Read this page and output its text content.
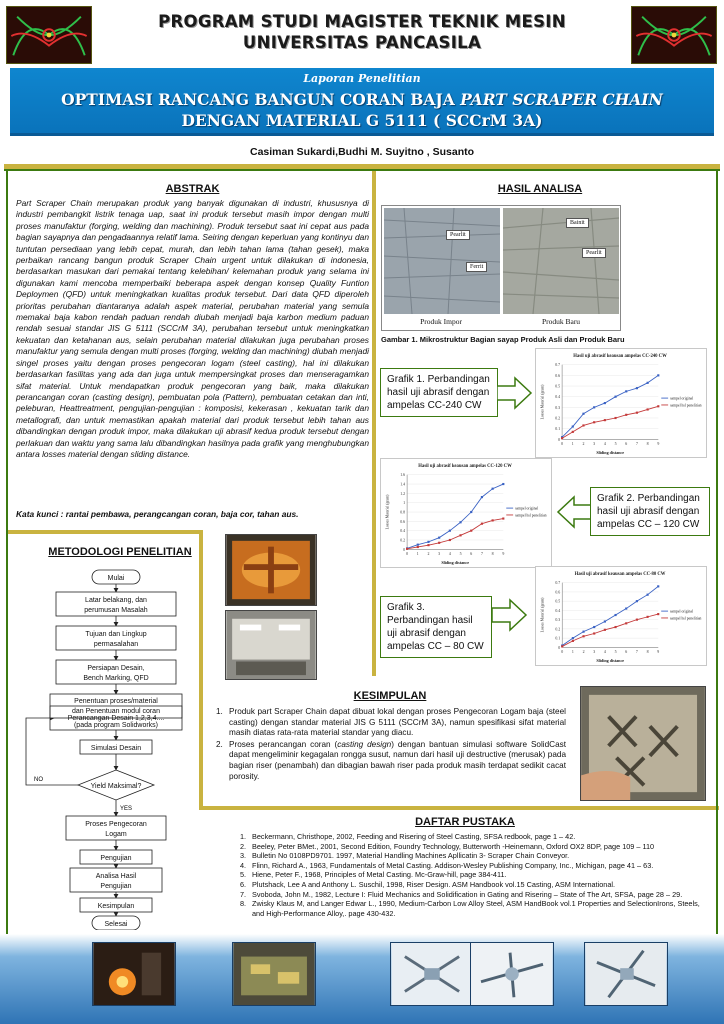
PROGRAM STUDI MAGISTER TEKNIK MESIN
UNIVERSITAS PANCASILA
Laporan Penelitian
OPTIMASI RANCANG BANGUN CORAN BAJA PART SCRAPER CHAIN
DENGAN MATERIAL G 5111 ( SCCrM 3A)
Casiman Sukardi,Budhi M. Suyitno , Susanto
ABSTRAK
Part Scraper Chain merupakan produk yang banyak digunakan di industri, khususnya di industri pembangkit listrik tenaga uap, saat ini produk tersebut masih impor dengan multi proses manufaktur (forging, welding dan machining). Produk tersebut saat ini cepat aus pada bagian sayapnya dan pengadaannya relatif lama. Seiring dengan keperluan yang kontinyu dan tuntutan persediaan yang lebih cepat, murah, dan lebih tahan lama (tahan gesek), maka perbaikan rancang bangun produk Scraper Chain urgent untuk dilakukan di indonesia, berdasarkan masukan dari pemakai tentang kelebihan/ kelemahan produk yang selama ini digunakan kami mencoba memperbaiki beberapa aspek dengan konsep Quality Funtion Deploymen (QFD) untuk meningkatkan kualitas produk tersebut. Dari data QFD diperoleh prioritas perubahan diantaranya adalah aspek material, perubahan material yang semula memakai baja kabon rendah paduan rendah diubah menjadi baja karbon medium paduan rendah sesuai standar JIS G 5111 (SCCrM 3A), perubahan tersebut untuk meningkatkan kekuatan dan ketahanan aus, selain perubahan material dilakukan juga perubahan proses manufaktur yang semula dengan multi proses (forging, welding dan machining) diubah menjadi singel proses yaitu dengan proses pengecoran logam (steel casting), hal ini dilakukan berdasarkan fasilitas yang ada dan juga untuk mempersingkat proses dan menseragamkan sifat material. Untuk mendapatkan produk pengecoran yang baik, maka dilakukan perancangan coran (casting design), pembuatan pola (Pattern), pembuatan cetakan dan inti, peleburan, Heattreatment, pengujian-pengujian : komposisi, kekerasan , kekuatan tarik dan metallografi, dan untuk memastikan apakah material dari produk tersebut lebih tahan aus dibandingkan dengan produk impor, maka dilakukan uji abrasif kedua produk tersebut dengan perlakuan dan waktu yang sama lalu dibandingkan hasilnya pada grafik yang menghubungkan antara losses material dengan sliding distance.
Kata kunci : rantai pembawa, perangcangan coran, baja cor, tahan aus.
METODOLOGI PENELITIAN
Mulai
Latar belakang, dan
perumusan Masalah
Tujuan dan Lingkup
permasalahan
Persiapan Desain,
Bench Marking, QFD
Penentuan proses/material
dan Penentuan modul coran
Perancangan Desain 1,2,3,4....
(pada program Solidworks)
Simulasi Desain
Yield Maksimal?
Proses Pengecoran
Logam
Pengujian
Analisa Hasil
Pengujian
Kesimpulan
Selesai
NO
YES
HASIL ANALISA
Pearlit
Ferrit
Bainit
Pearlit
Produk Impor	Produk Baru
Gambar 1. Mikrostruktur Bagian sayap Produk Asli dan Produk Baru
Hasil uji abrasif keausan ampelas CC-240 CW
0
0.1
0.2
0.3
0.4
0.5
0.6
0.7
0 1 2 3 4 5 6 7 8 9
Sliding distance
Losses Material (gram)	sampel original
sampel hsl penelitian
Hasil uji abrasif keausan ampelas CC-120 CW
0
0.2
0.4
0.6
0.8
1
1.2
1.4
1.6
0 1 2 3 4 5 6 7 8 9
Sliding distance
Losses Material (gram)	sampel original
sampel hsl penelitian
Hasil uji abrasif keausan ampelas CC-80 CW
0
0.1
0.2
0.3
0.4
0.5
0.6
0.7
0 1 2 3 4 5 6 7 8 9
Sliding distance
Losses Material (gram)	sampel original
sampel hsl penelitian
Grafik 1. Perbandingan hasil uji abrasif dengan ampelas CC-240 CW
Grafik 2. Perbandingan hasil uji abrasif dengan ampelas CC – 120 CW
Grafik 3. Perbandingan hasil uji abrasif dengan ampelas CC – 80 CW
KESIMPULAN
1. Produk part Scraper Chain dapat dibuat lokal dengan proses Pengecoran Logam baja (steel casting) dengan standar material JIS G 5111 (SCCrM 3A), namun spesifikasi sifat material masih diatas rata-rata material standar yang diacu.
2. Proses perancangan coran (casting design) dengan bantuan simulasi software SolidCast dapat mengeliminir kegagalan rongga susut, namun dari hasil uji destructive (merusak) pada bagian riser (penambah) dan dibagian bawah riser pada produk masih terdapat sedikit cacat porosity.
DAFTAR PUSTAKA
1. Beckermann, Christhope, 2002, Feeding and Risering of Steel Casting, SFSA redbook, page 1 – 42.
2. Beeley, Peter BMet., 2001, Second Edition, Foundry Technology, Butterworth -Heinemann, Oxford OX2 8DP, page 109 – 110
3. Bulletin No 0108PD9701. 1997, Material Handling Machines Apllicatin 3- Scraper Chain Conveyor.
4. Flinn, Richard A., 1963, Fundamentals of Metal Casting. Addison-Wesley Publishing Company, Inc., Michigan, page 41 – 63.
5. Hiene, Peter F., 1968, Principles of Metal Casting. Mc-Graw-hill, page 384-411.
6. Plutshack, Lee A and Anthony L. Suschil, 1998, Riser Design. ASM Handbook vol.15 Casting, ASM International.
7. Svoboda, John M., 1982, Lecture I: Fluid Mechanics and Solidification in Gating and Risering – State of The Art, SFSA, page 28 – 29.
8. Zwisky Klaus M, and Langer Edwar L., 1990, Medium-Carbon Low Alloy Steel, ASM HandBook vol.1 Properties and SelectionIrons, Steels, and High-Performance Alloy,. page 430-432.
